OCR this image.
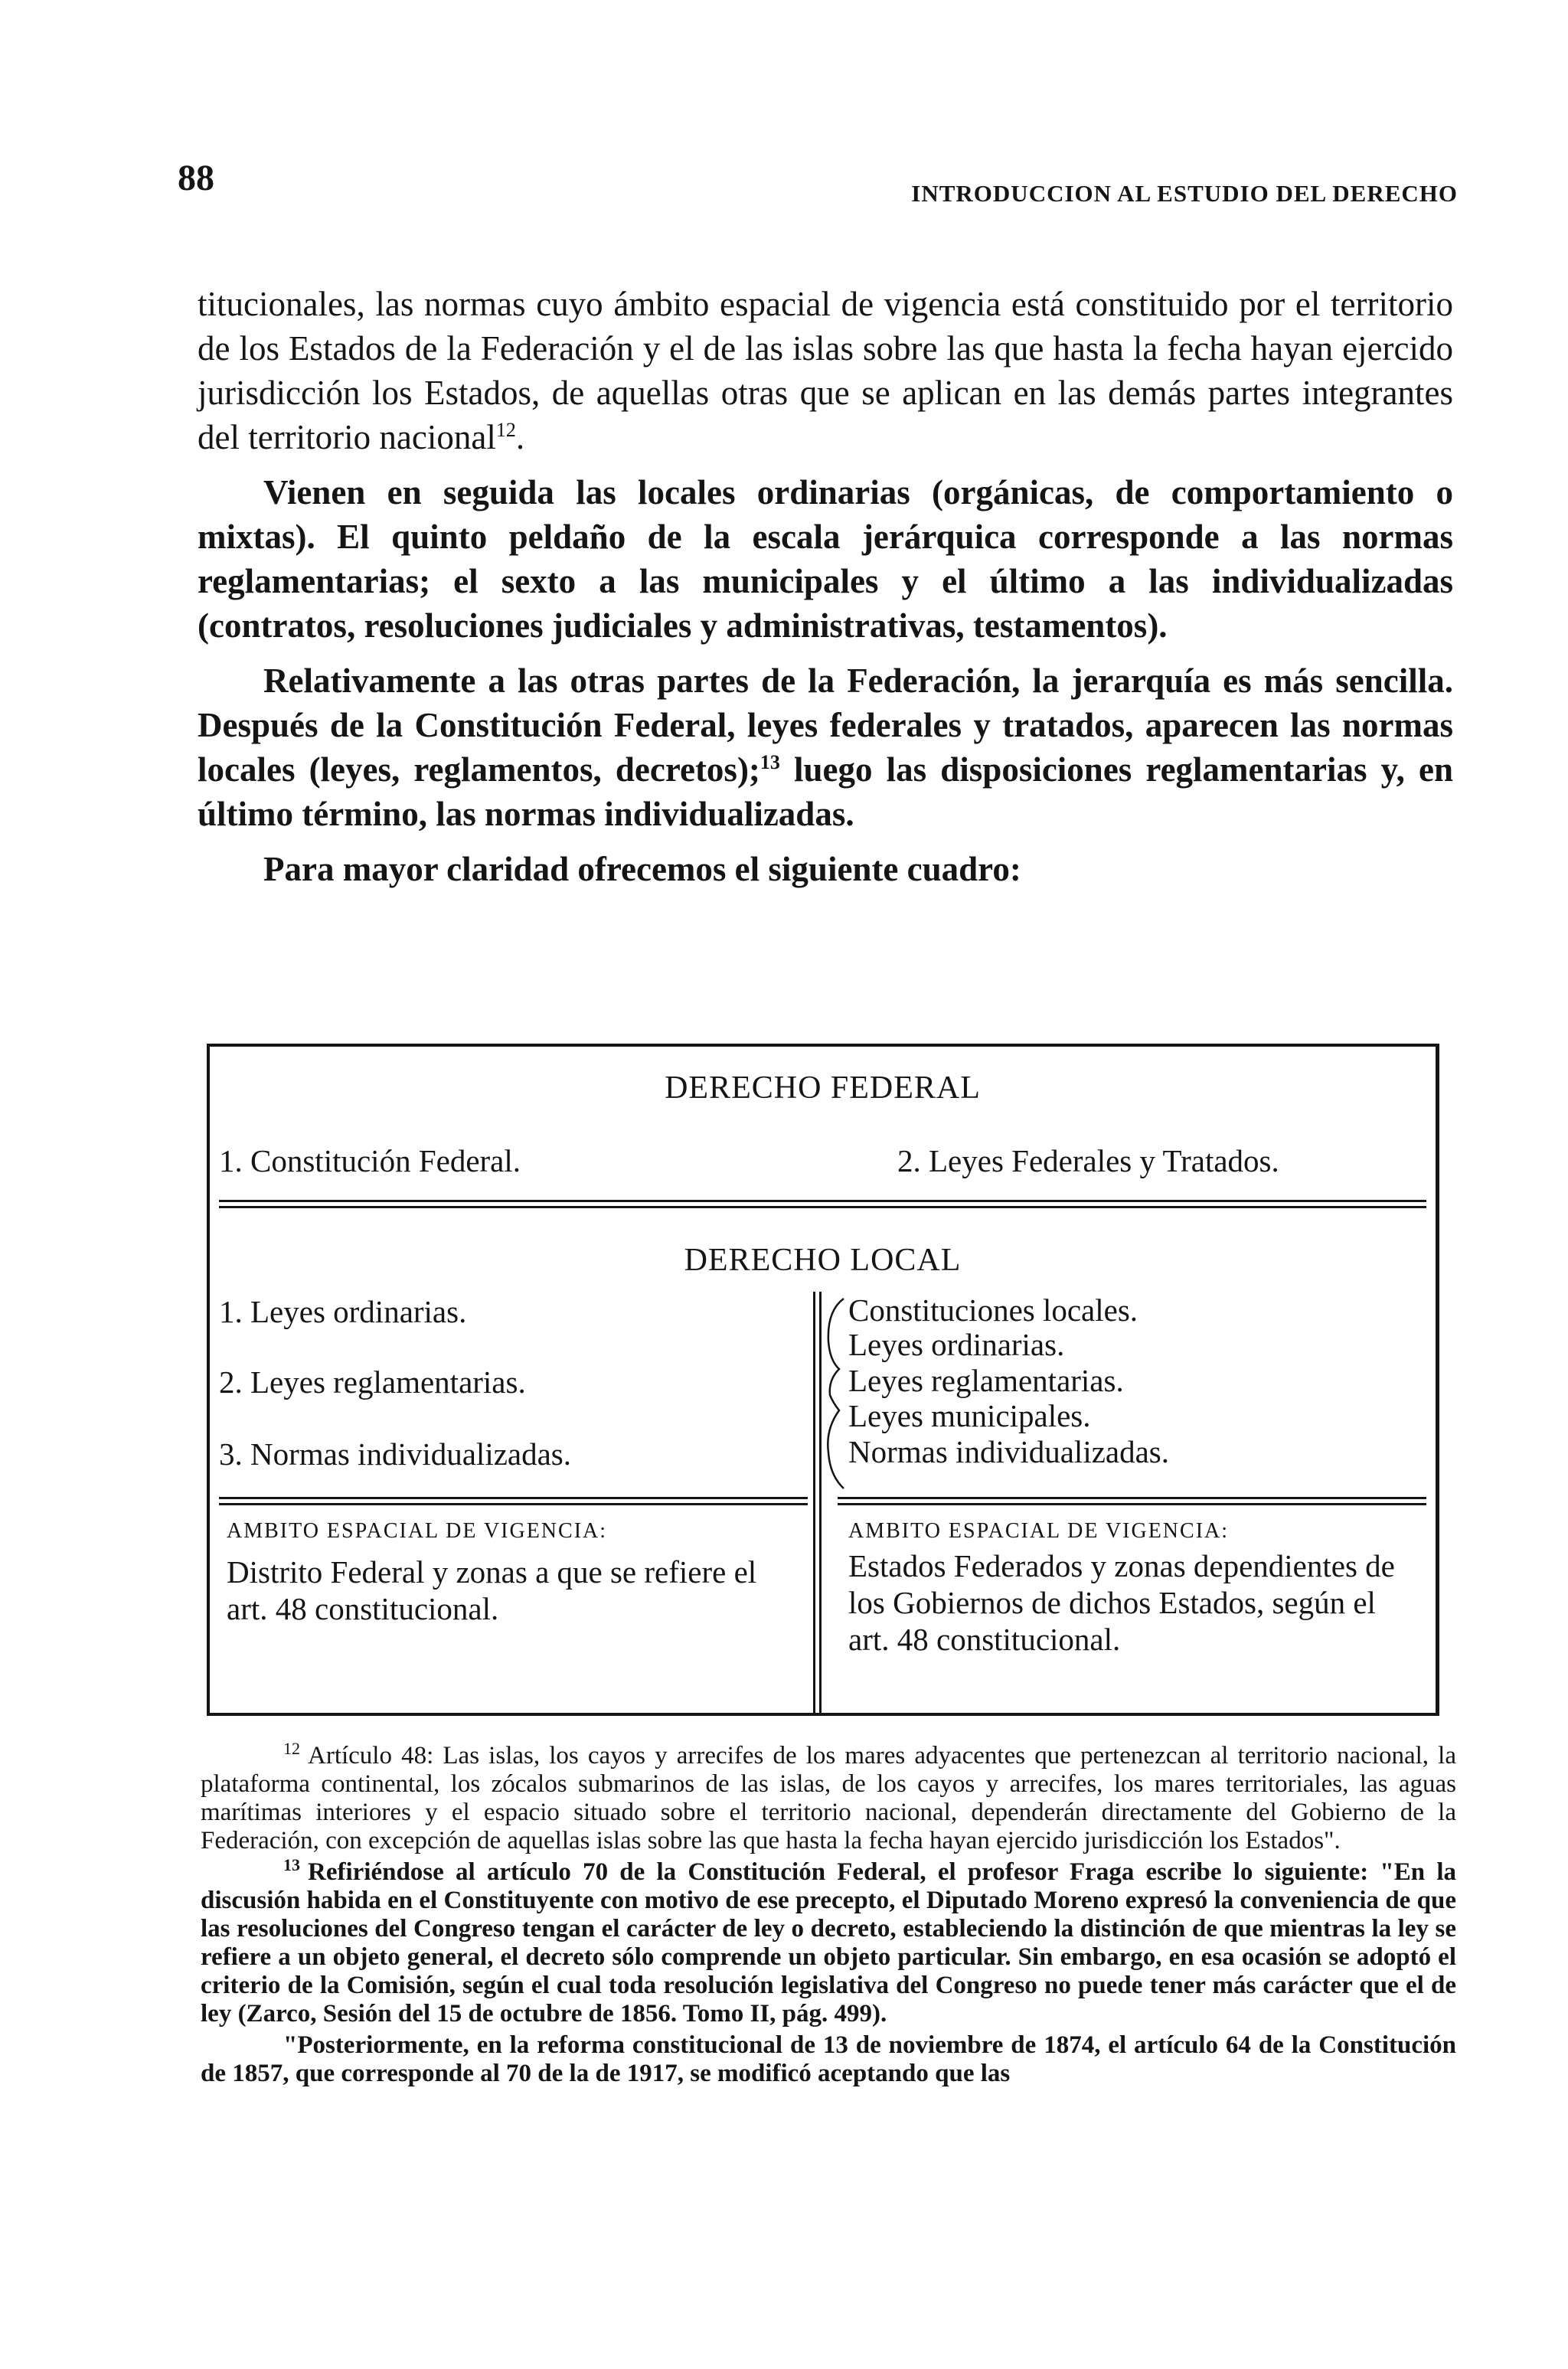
88	INTRODUCCION AL ESTUDIO DEL DERECHO

titucionales, las normas cuyo ámbito espacial de vigencia está constituido por el territorio de los Estados de la Federación y el de las islas sobre las que hasta la fecha hayan ejercido jurisdicción los Estados, de aquellas otras que se aplican en las demás partes integrantes del territorio nacional$^{12}$.

Vienen en seguida las locales ordinarias (orgánicas, de comportamiento o mixtas). El quinto peldaño de la escala jerárquica corresponde a las normas reglamentarias; el sexto a las municipales y el último a las individualizadas (contratos, resoluciones judiciales y administrativas, testamentos).

Relativamente a las otras partes de la Federación, la jerarquía es más sencilla. Después de la Constitución Federal, leyes federales y tratados, aparecen las normas locales (leyes, reglamentos, decretos);$^{13}$ luego las disposiciones reglamentarias y, en último término, las normas individualizadas.

Para mayor claridad ofrecemos el siguiente cuadro:

DERECHO FEDERAL
1. Constitución Federal.	2. Leyes Federales y Tratados.
DERECHO LOCAL
1. Leyes ordinarias.
2. Leyes reglamentarias.
3. Normas individualizadas.
Constituciones locales.
Leyes ordinarias.
Leyes reglamentarias.
Leyes municipales.
Normas individualizadas.
AMBITO ESPACIAL DE VIGENCIA:
Distrito Federal y zonas a que se refiere el art. 48 constitucional.
AMBITO ESPACIAL DE VIGENCIA:
Estados Federados y zonas dependientes de los Gobiernos de dichos Estados, según el art. 48 constitucional.

$^{12}$ Artículo 48: Las islas, los cayos y arrecifes de los mares adyacentes que pertenezcan al territorio nacional, la plataforma continental, los zócalos submarinos de las islas, de los cayos y arrecifes, los mares territoriales, las aguas marítimas interiores y el espacio situado sobre el territorio nacional, dependerán directamente del Gobierno de la Federación, con excepción de aquellas islas sobre las que hasta la fecha hayan ejercido jurisdicción los Estados".

$^{13}$ Refiriéndose al artículo 70 de la Constitución Federal, el profesor Fraga escribe lo siguiente: "En la discusión habida en el Constituyente con motivo de ese precepto, el Diputado Moreno expresó la conveniencia de que las resoluciones del Congreso tengan el carácter de ley o decreto, estableciendo la distinción de que mientras la ley se refiere a un objeto general, el decreto sólo comprende un objeto particular. Sin embargo, en esa ocasión se adoptó el criterio de la Comisión, según el cual toda resolución legislativa del Congreso no puede tener más carácter que el de ley (Zarco, Sesión del 15 de octubre de 1856. Tomo II, pág. 499).

"Posteriormente, en la reforma constitucional de 13 de noviembre de 1874, el artículo 64 de la Constitución de 1857, que corresponde al 70 de la de 1917, se modificó aceptando que las
